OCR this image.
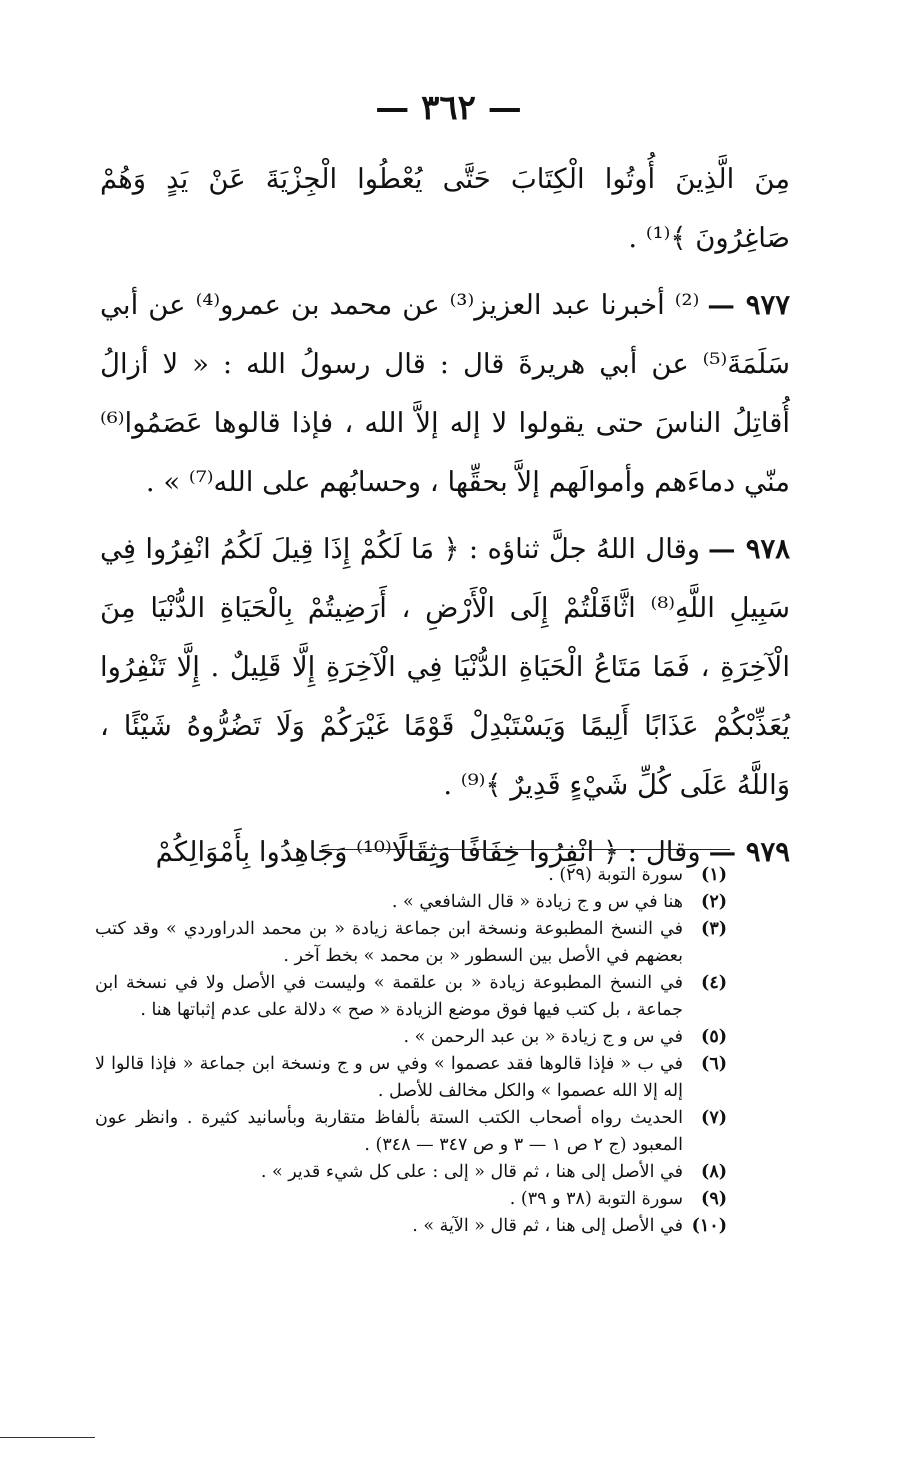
— ٣٦٢ —

مِنَ الَّذِينَ أُوتُوا الْكِتَابَ حَتَّى يُعْطُوا الْجِزْيَةَ عَنْ يَدٍ وَهُمْ صَاغِرُونَ ﴾⁽¹⁾ .

٩٧٧ —⁽²⁾ أخبرنا عبد العزيز⁽³⁾ عن محمد بن عمرو⁽⁴⁾ عن أبي سَلَمَةَ⁽⁵⁾ عن أبي هريرةَ قال : قال رسولُ الله : « لا أزالُ أُقاتِلُ الناسَ حتى يقولوا لا إله إلاَّ الله ، فإذا قالوها عَصَمُوا⁽⁶⁾ منّي دماءَهم وأموالَهم إلاَّ بحقِّها ، وحسابُهم على الله⁽⁷⁾ » .

٩٧٨ —وقال اللهُ جلَّ ثناؤه : ﴿ مَا لَكُمْ إِذَا قِيلَ لَكُمُ انْفِرُوا فِي سَبِيلِ اللَّهِ⁽⁸⁾ اثَّاقَلْتُمْ إِلَى الْأَرْضِ ، أَرَضِيتُمْ بِالْحَيَاةِ الدُّنْيَا مِنَ الْآخِرَةِ ، فَمَا مَتَاعُ الْحَيَاةِ الدُّنْيَا فِي الْآخِرَةِ إِلَّا قَلِيلٌ . إِلَّا تَنْفِرُوا يُعَذِّبْكُمْ عَذَابًا أَلِيمًا وَيَسْتَبْدِلْ قَوْمًا غَيْرَكُمْ وَلَا تَضُرُّوهُ شَيْئًا ، وَاللَّهُ عَلَى كُلِّ شَيْءٍ قَدِيرٌ ﴾⁽⁹⁾ .

٩٧٩ —وقال : ﴿ انْفِرُوا خِفَافًا وَثِقَالًا⁽¹⁰⁾ وَجَاهِدُوا بِأَمْوَالِكُمْ

(١)
سورة التوبة (٢٩) .

(٢)
هنا في س و ج زيادة « قال الشافعي » .

(٣)
في النسخ المطبوعة ونسخة ابن جماعة زيادة « بن محمد الدراوردي » وقد كتب بعضهم في الأصل بين السطور « بن محمد » بخط آخر .

(٤)
في النسخ المطبوعة زيادة « بن علقمة » وليست في الأصل ولا في نسخة ابن جماعة ، بل كتب فيها فوق موضع الزيادة « صح » دلالة على عدم إثباتها هنا .

(٥)
في س و ج زيادة « بن عبد الرحمن » .

(٦)
في ب « فإذا قالوها فقد عصموا » وفي س و ج ونسخة ابن جماعة « فإذا قالوا لا إله إلا الله عصموا » والكل مخالف للأصل .

(٧)
الحديث رواه أصحاب الكتب الستة بألفاظ متقاربة وبأسانيد كثيرة . وانظر عون المعبود (ج ٢ ص ١ — ٣ و ص ٣٤٧ — ٣٤٨) .

(٨)
في الأصل إلى هنا ، ثم قال « إلى : على كل شيء قدير » .

(٩)
سورة التوبة (٣٨ و ٣٩) .

(١٠)
في الأصل إلى هنا ، ثم قال « الآية » .
